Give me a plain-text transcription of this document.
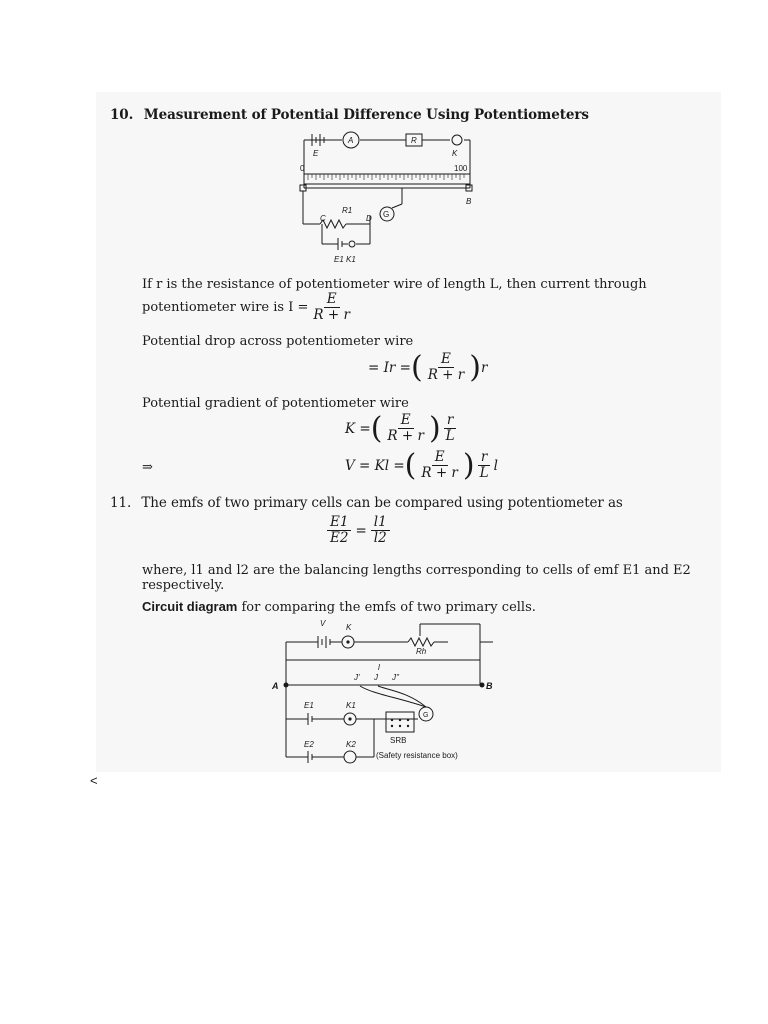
10. Measurement of Potential Difference Using Potentiometers
E
A	R
K
0	100
B
C
R1
D G
E1 K1
If r is the resistance of potentiometer wire of length L, then current through
potentiometer wire is $I = \frac{E}{R + r}$
Potential drop across potentiometer wire
= Ir = ( $\frac{E}{R + r}$ ) r
Potential gradient of potentiometer wire
K = ( $\frac{E}{R + r}$ ) $\frac{r}{L}$
⇒	V = Kl = ( $\frac{E}{R + r}$ ) $\frac{r}{L}$ l
11. The emfs of two primary cells can be compared using potentiometer as
$\frac{E1}{E2} = \frac{l1}{l2}$
where, l1 and l2 are the balancing lengths corresponding to cells of emf E1 and E2
respectively.
Circuit diagram for comparing the emfs of two primary cells.
V	K
Rh
l
J' J J''
A	B
E1	K1
G
E2	K2	SRB
(Safety resistance box)
<
